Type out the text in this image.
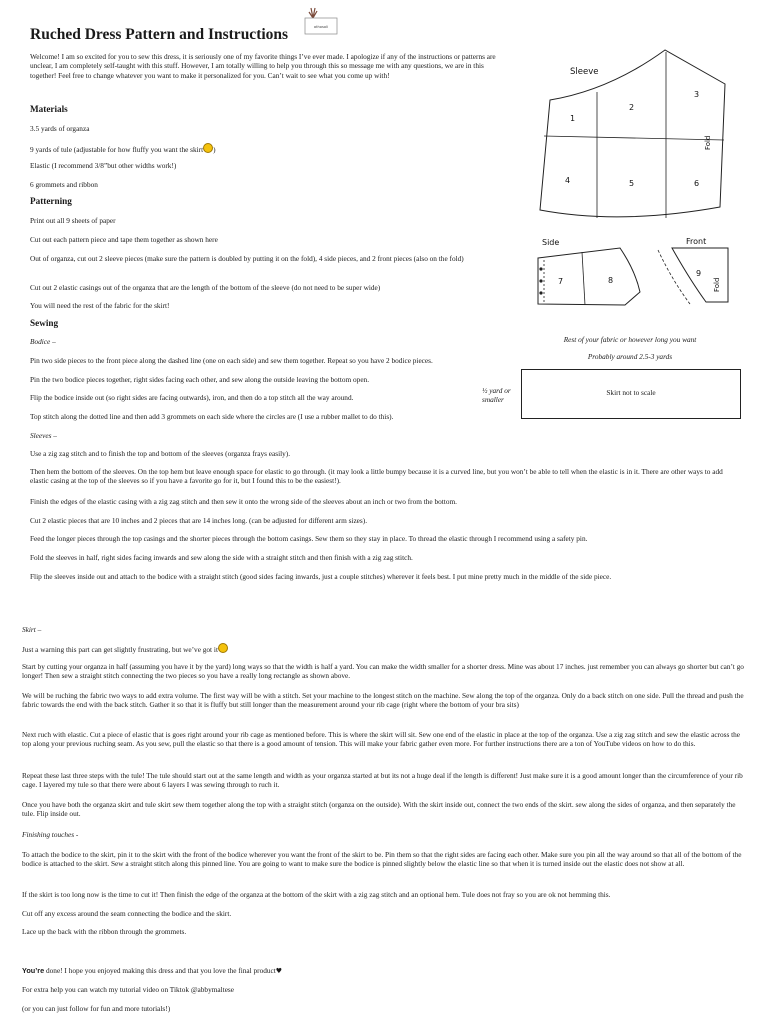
Ruched Dress Pattern and Instructions	athosoli

Welcome! I am so excited for you to sew this dress, it is seriously one of my favorite things I’ve ever made. I apologize if any of the instructions or patterns are unclear, I am completely self-taught with this stuff. However, I am totally willing to help you through this so message me with any questions, we are in this together! Feel free to change whatever you want to make it personalized for you. Can’t wait to see what you come up with!

Materials

3.5 yards of organza

9 yards of tule (adjustable for how fluffy you want the skirt )

Elastic (I recommend 3/8”but other widths work!)

6 grommets and ribbon

Patterning

Print out all 9 sheets of paper

Cut out each pattern piece and tape them together as shown here

Out of organza, cut out 2 sleeve pieces (make sure the pattern is doubled by putting it on the fold), 4 side pieces, and 2 front pieces (also on the fold)

Cut out 2 elastic casings out of the organza that are the length of the bottom of the sleeve (do not need to be super wide)

You will need the rest of the fabric for the skirt!

Sewing

Bodice –

Pin two side pieces to the front piece along the dashed line (one on each side) and sew them together. Repeat so you have 2 bodice pieces.

Pin the two bodice pieces together, right sides facing each other, and sew along the outside leaving the bottom open.

Flip the bodice inside out (so right sides are facing outwards), iron, and then do a top stitch all the way around.

Top stitch along the dotted line and then add 3 grommets on each side where the circles are (I use a rubber mallet to do this).

½ yard or smaller

Sleeves –

Use a zig zag stitch and to finish the top and bottom of the sleeves (organza frays easily).

Then hem the bottom of the sleeves. On the top hem but leave enough space for elastic to go through. (it may look a little bumpy because it is a curved line, but you won’t be able to tell when the elastic is in it. There are other ways to add elastic casing at the top of the sleeves so if you have a favorite go for it, but I found this to be the easiest!).

Finish the edges of the elastic casing with a zig zag stitch and then sew it onto the wrong side of the sleeves about an inch or two from the bottom.

Cut 2 elastic pieces that are 10 inches and 2 pieces that are 14 inches long. (can be adjusted for different arm sizes).

Feed the longer pieces through the top casings and the shorter pieces through the bottom casings. Sew them so they stay in place. To thread the elastic through I recommend using a safety pin.

Fold the sleeves in half, right sides facing inwards and sew along the side with a straight stitch and then finish with a zig zag stitch.

Flip the sleeves inside out and attach to the bodice with a straight stitch (good sides facing inwards, just a couple stitches) wherever it feels best. I put mine pretty much in the middle of the side piece.

Skirt –

Just a warning this part can get slightly frustrating, but we’ve got it

Start by cutting your organza in half (assuming you have it by the yard) long ways so that the width is half a yard. You can make the width smaller for a shorter dress. Mine was about 17 inches. just remember you can always go shorter but can’t go longer! Then sew a straight stitch connecting the two pieces so you have a really long rectangle as shown above.

We will be ruching the fabric two ways to add extra volume. The first way will be with a stitch. Set your machine to the longest stitch on the machine. Sew along the top of the organza. Only do a back stitch on one side. Pull the thread and push the fabric towards the end with the back stitch. Gather it so that it is fluffy but still longer than the measurement around your rib cage (right where the bottom of your bra sits)

Next ruch with elastic. Cut a piece of elastic that is goes right around your rib cage as mentioned before. This is where the skirt will sit. Sew one end of the elastic in place at the top of the organza. Use a zig zag stitch and sew the elastic across the top along your previous ruching seam. As you sew, pull the elastic so that there is a good amount of tension. This will make your fabric gather even more. For further instructions there are a ton of YouTube videos on how to do this.

Repeat these last three steps with the tule! The tule should start out at the same length and width as your organza started at but its not a huge deal if the length is different! Just make sure it is a good amount longer than the circumference of your rib cage. I layered my tule so that there were about 6 layers I was sewing through to ruch it.

Once you have both the organza skirt and tule skirt sew them together along the top with a straight stitch (organza on the outside). With the skirt inside out, connect the two ends of the skirt. sew along the sides of organza, and then separately the tule. Flip inside out.

Finishing touches -

To attach the bodice to the skirt, pin it to the skirt with the front of the bodice wherever you want the front of the skirt to be. Pin them so that the right sides are facing each other. Make sure you pin all the way around so that all of the bottom of the bodice is attached to the skirt. Sew a straight stitch along this pinned line. You are going to want to make sure the bodice is pinned slightly below the elastic line so that when it is turned inside out the elastic does not show at all.

If the skirt is too long now is the time to cut it! Then finish the edge of the organza at the bottom of the skirt with a zig zag stitch and an optional hem. Tule does not fray so you are ok not hemming this.

Cut off any excess around the seam connecting the bodice and the skirt.

Lace up the back with the ribbon through the grommets.

You’re done! I hope you enjoyed making this dress and that you love the final product♥

For extra help you can watch my tutorial video on Tiktok @abbymaltese

(or you can just follow for fun and more tutorials!)

Sleeve
Fold
1
2
3
4	5	6
Side
7	8
Front
9
Fold
Rest of your fabric or however long you want
Probably around 2.5-3 yards
Skirt not to scale
